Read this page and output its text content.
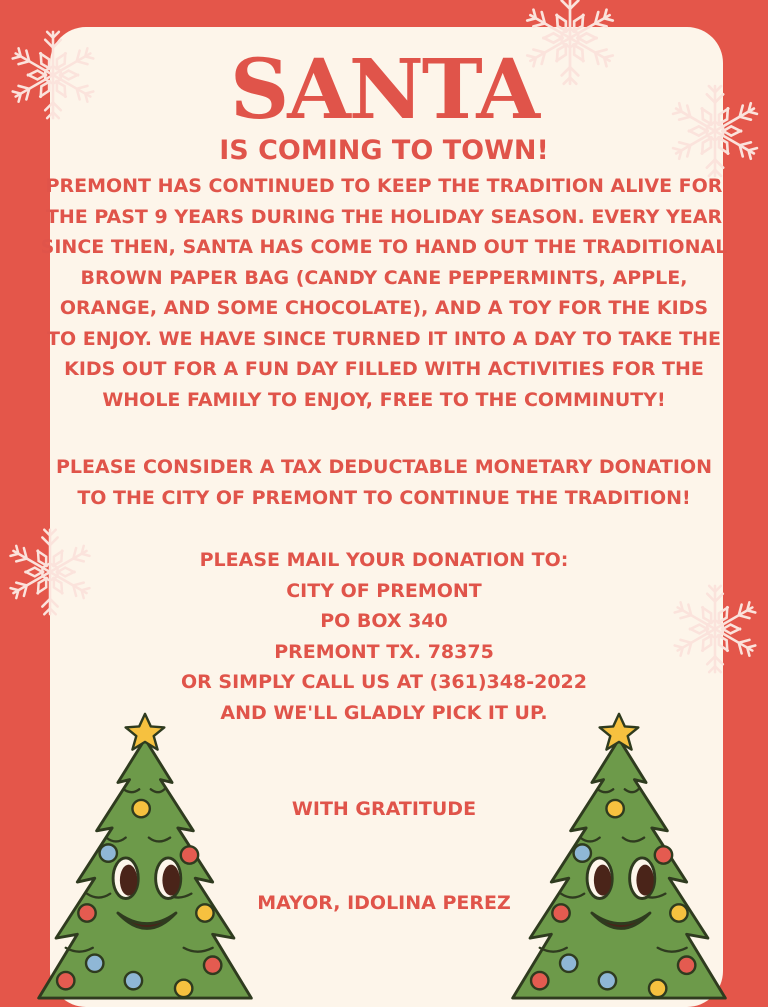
SANTA
IS COMING TO TOWN!
PREMONT HAS CONTINUED TO KEEP THE TRADITION ALIVE FOR
THE PAST 9 YEARS DURING THE HOLIDAY SEASON. EVERY YEAR
SINCE THEN, SANTA HAS COME TO HAND OUT THE TRADITIONAL
BROWN PAPER BAG (CANDY CANE PEPPERMINTS, APPLE,
ORANGE, AND SOME CHOCOLATE), AND A TOY FOR THE KIDS
TO ENJOY. WE HAVE SINCE TURNED IT INTO A DAY TO TAKE THE
KIDS OUT FOR A FUN DAY FILLED WITH ACTIVITIES FOR THE
WHOLE FAMILY TO ENJOY, FREE TO THE COMMINUTY!
PLEASE CONSIDER A TAX DEDUCTABLE MONETARY DONATION
TO THE CITY OF PREMONT TO CONTINUE THE TRADITION!
PLEASE MAIL YOUR DONATION TO:
CITY OF PREMONT
PO BOX 340
PREMONT TX. 78375
OR SIMPLY CALL US AT (361)348-2022
AND WE'LL GLADLY PICK IT UP.
WITH GRATITUDE
MAYOR, IDOLINA PEREZ
